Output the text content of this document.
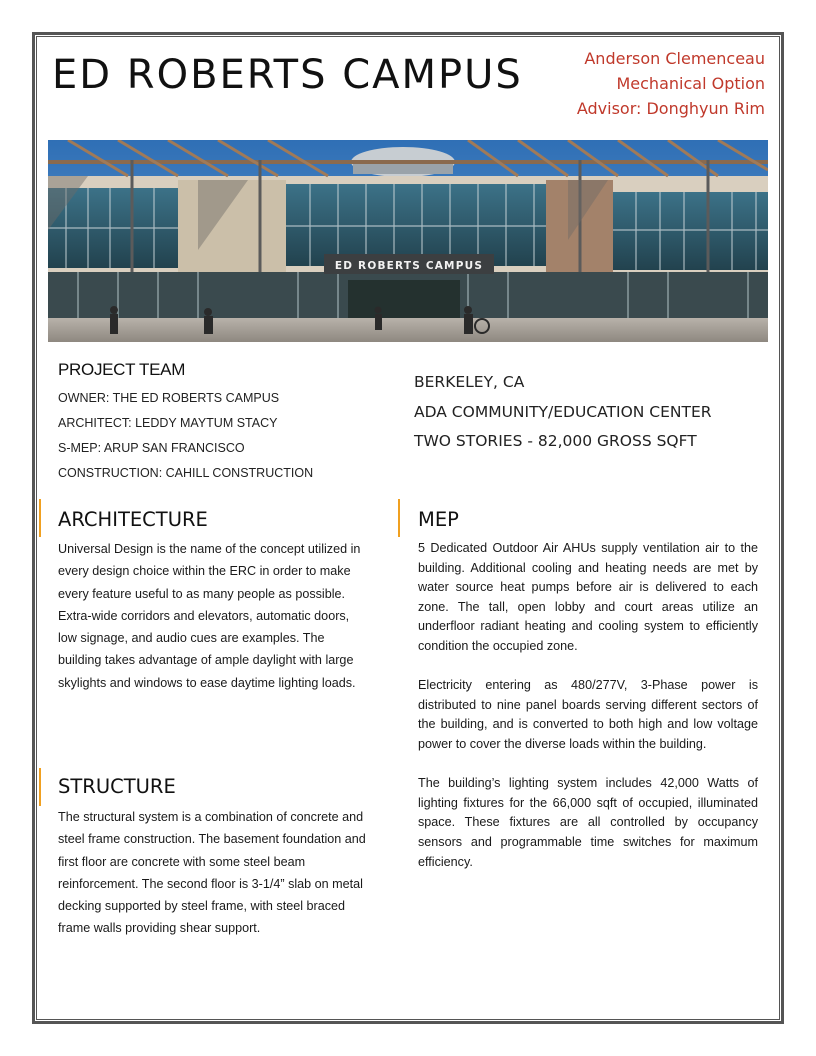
ED ROBERTS CAMPUS	Anderson Clemenceau
Mechanical Option
Advisor: Donghyun Rim
ED ROBERTS CAMPUS
PROJECT TEAM
OWNER: THE ED ROBERTS CAMPUS
ARCHITECT: LEDDY MAYTUM STACY
S-MEP: ARUP SAN FRANCISCO
CONSTRUCTION: CAHILL CONSTRUCTION
BERKELEY, CA
ADA COMMUNITY/EDUCATION CENTER
TWO STORIES - 82,000 GROSS SQFT
ARCHITECTURE

Universal Design is the name of the concept utilized in every design choice within the ERC in order to make every feature useful to as many people as possible. Extra-wide corridors and elevators, automatic doors, low signage, and audio cues are examples. The building takes advantage of ample daylight with large skylights and windows to ease daytime lighting loads.

STRUCTURE

The structural system is a combination of concrete and steel frame construction. The basement foundation and first floor are concrete with some steel beam reinforcement. The second floor is 3-1/4” slab on metal decking supported by steel frame, with steel braced frame walls providing shear support.

MEP

5 Dedicated Outdoor Air AHUs supply ventilation air to the building. Additional cooling and heating needs are met by water source heat pumps before air is delivered to each zone. The tall, open lobby and court areas utilize an underfloor radiant heating and cooling system to efficiently condition the occupied zone.

Electricity entering as 480/277V, 3-Phase power is distributed to nine panel boards serving different sectors of the building, and is converted to both high and low voltage power to cover the diverse loads within the building.

The building’s lighting system includes 42,000 Watts of lighting fixtures for the 66,000 sqft of occupied, illuminated space. These fixtures are all controlled by occupancy sensors and programmable time switches for maximum efficiency.
